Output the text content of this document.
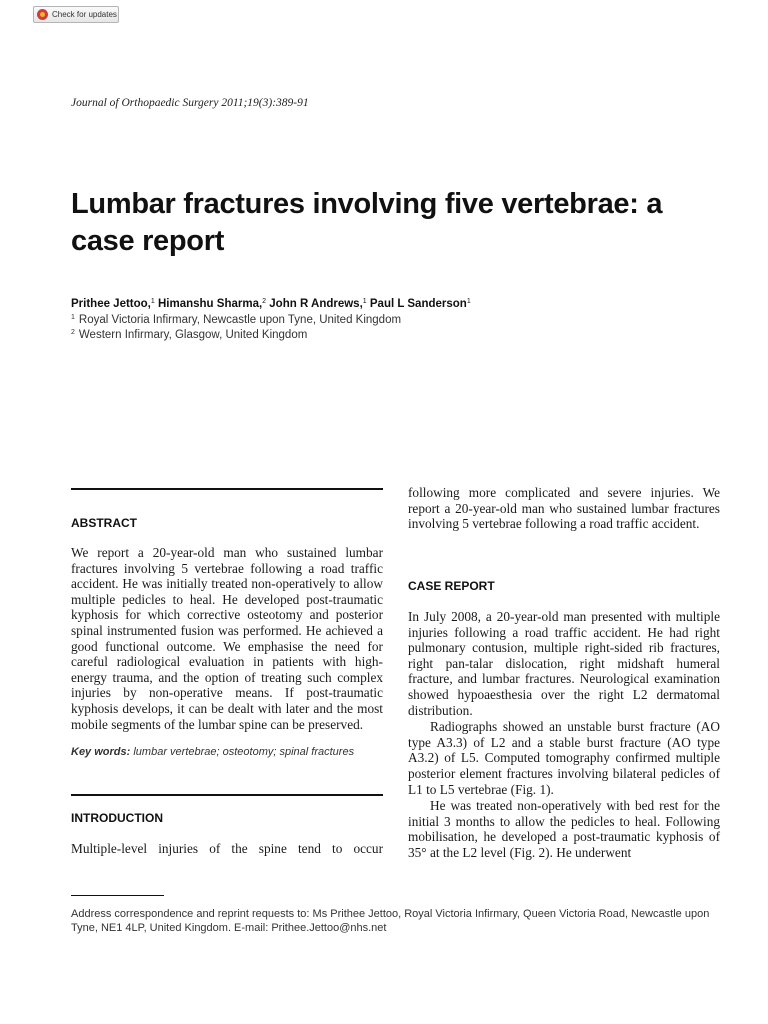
Check for updates
Journal of Orthopaedic Surgery 2011;19(3):389-91
Lumbar fractures involving five vertebrae: a case report
Prithee Jettoo,$^1$ Himanshu Sharma,$^2$ John R Andrews,$^1$ Paul L Sanderson$^1$
$^1$ Royal Victoria Infirmary, Newcastle upon Tyne, United Kingdom
$^2$ Western Infirmary, Glasgow, United Kingdom
ABSTRACT

We report a 20-year-old man who sustained lumbar fractures involving 5 vertebrae following a road traffic accident. He was initially treated non-operatively to allow multiple pedicles to heal. He developed post-traumatic kyphosis for which corrective osteotomy and posterior spinal instrumented fusion was performed. He achieved a good functional outcome. We emphasise the need for careful radiological evaluation in patients with high-energy trauma, and the option of treating such complex injuries by non-operative means. If post-traumatic kyphosis develops, it can be dealt with later and the most mobile segments of the lumbar spine can be preserved.

Key words: lumbar vertebrae; osteotomy; spinal fractures
INTRODUCTION

Multiple-level injuries of the spine tend to occur

following more complicated and severe injuries. We report a 20-year-old man who sustained lumbar fractures involving 5 vertebrae following a road traffic accident.

CASE REPORT

In July 2008, a 20-year-old man presented with multiple injuries following a road traffic accident. He had right pulmonary contusion, multiple right-sided rib fractures, right pan-talar dislocation, right midshaft humeral fracture, and lumbar fractures. Neurological examination showed hypoaesthesia over the right L2 dermatomal distribution.

Radiographs showed an unstable burst fracture (AO type A3.3) of L2 and a stable burst fracture (AO type A3.2) of L5. Computed tomography confirmed multiple posterior element fractures involving bilateral pedicles of L1 to L5 vertebrae (Fig. 1).

He was treated non-operatively with bed rest for the initial 3 months to allow the pedicles to heal. Following mobilisation, he developed a post-traumatic kyphosis of 35° at the L2 level (Fig. 2). He underwent

Address correspondence and reprint requests to: Ms Prithee Jettoo, Royal Victoria Infirmary, Queen Victoria Road, Newcastle upon Tyne, NE1 4LP, United Kingdom. E-mail: Prithee.Jettoo@nhs.net
